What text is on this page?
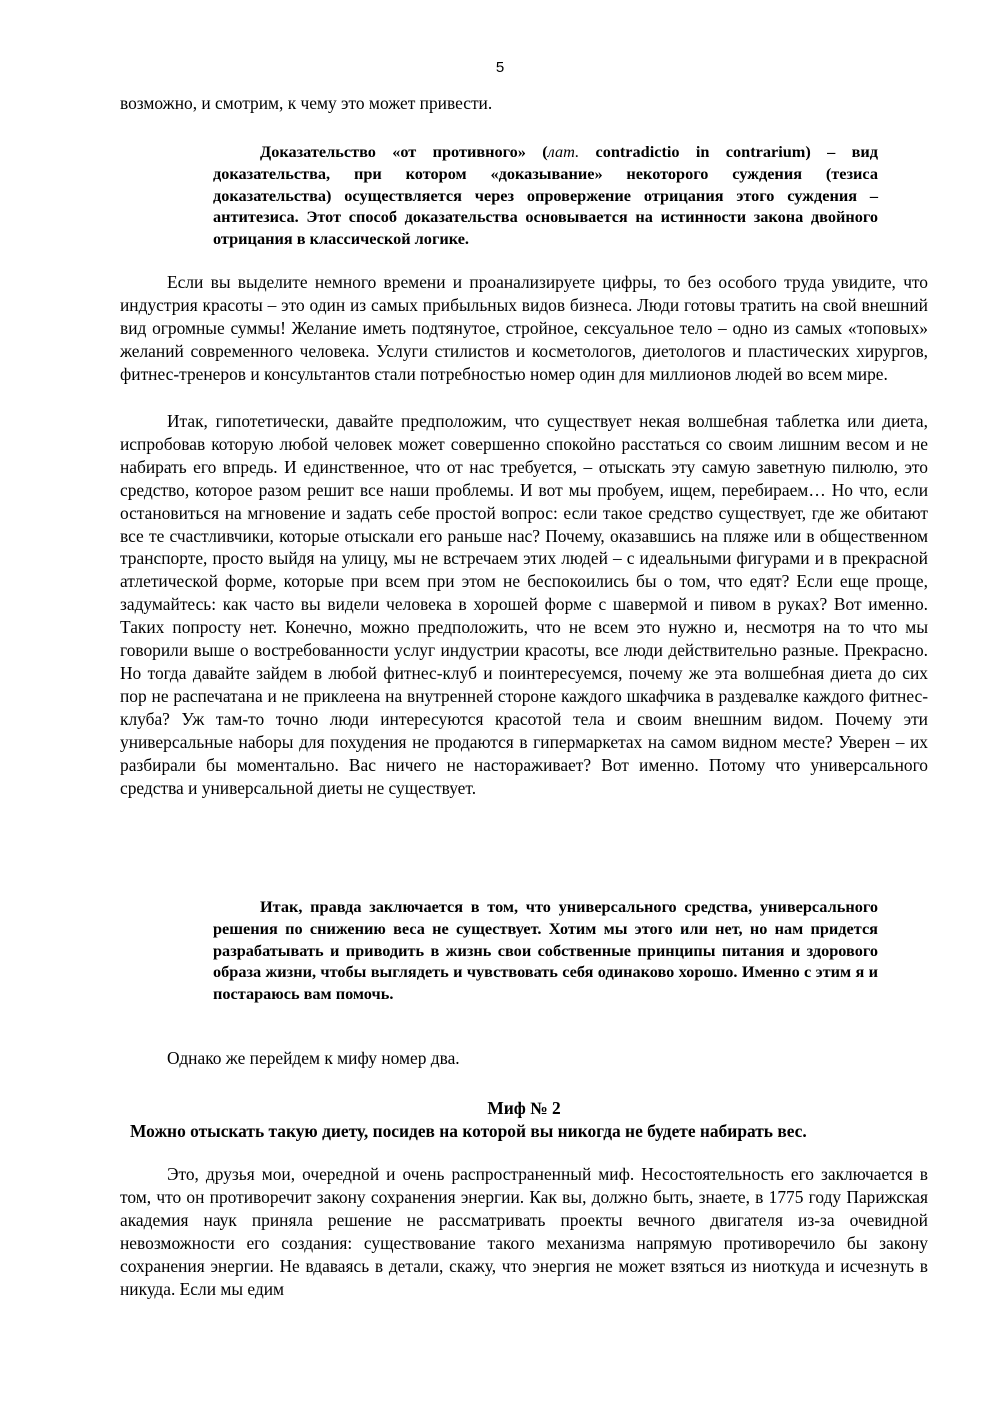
5

возможно, и смотрим, к чему это может привести.

Доказательство «от противного» (лат. contradictio in contrarium) – вид доказательства, при котором «доказывание» некоторого суждения (тезиса доказательства) осуществляется через опровержение отрицания этого суждения – антитезиса. Этот способ доказательства основывается на истинности закона двойного отрицания в классической логике.

Если вы выделите немного времени и проанализируете цифры, то без особого труда увидите, что индустрия красоты – это один из самых прибыльных видов бизнеса. Люди готовы тратить на свой внешний вид огромные суммы! Желание иметь подтянутое, стройное, сексуальное тело – одно из самых «топовых» желаний современного человека. Услуги стилистов и косметологов, диетологов и пластических хирургов, фитнес-тренеров и консультантов стали потребностью номер один для миллионов людей во всем мире.

Итак, гипотетически, давайте предположим, что существует некая волшебная таблетка или диета, испробовав которую любой человек может совершенно спокойно расстаться со своим лишним весом и не набирать его впредь. И единственное, что от нас требуется, – отыскать эту самую заветную пилюлю, это средство, которое разом решит все наши проблемы. И вот мы пробуем, ищем, перебираем… Но что, если остановиться на мгновение и задать себе простой вопрос: если такое средство существует, где же обитают все те счастливчики, которые отыскали его раньше нас? Почему, оказавшись на пляже или в общественном транспорте, просто выйдя на улицу, мы не встречаем этих людей – с идеальными фигурами и в прекрасной атлетической форме, которые при всем при этом не беспокоились бы о том, что едят? Если еще проще, задумайтесь: как часто вы видели человека в хорошей форме с шавермой и пивом в руках? Вот именно. Таких попросту нет. Конечно, можно предположить, что не всем это нужно и, несмотря на то что мы говорили выше о востребованности услуг индустрии красоты, все люди действительно разные. Прекрасно. Но тогда давайте зайдем в любой фитнес-клуб и поинтересуемся, почему же эта волшебная диета до сих пор не распечатана и не приклеена на внутренней стороне каждого шкафчика в раздевалке каждого фитнес-клуба? Уж там-то точно люди интересуются красотой тела и своим внешним видом. Почему эти универсальные наборы для похудения не продаются в гипермаркетах на самом видном месте? Уверен – их разбирали бы моментально. Вас ничего не настораживает? Вот именно. Потому что универсального средства и универсальной диеты не существует.

Итак, правда заключается в том, что универсального средства, универсального решения по снижению веса не существует. Хотим мы этого или нет, но нам придется разрабатывать и приводить в жизнь свои собственные принципы питания и здорового образа жизни, чтобы выглядеть и чувствовать себя одинаково хорошо. Именно с этим я и постараюсь вам помочь.

Однако же перейдем к мифу номер два.

Миф № 2

Можно отыскать такую диету, посидев на которой вы никогда не будете набирать вес.

Это, друзья мои, очередной и очень распространенный миф. Несостоятельность его заключается в том, что он противоречит закону сохранения энергии. Как вы, должно быть, знаете, в 1775 году Парижская академия наук приняла решение не рассматривать проекты вечного двигателя из-за очевидной невозможности его создания: существование такого механизма напрямую противоречило бы закону сохранения энергии. Не вдаваясь в детали, скажу, что энергия не может взяться из ниоткуда и исчезнуть в никуда. Если мы едим
